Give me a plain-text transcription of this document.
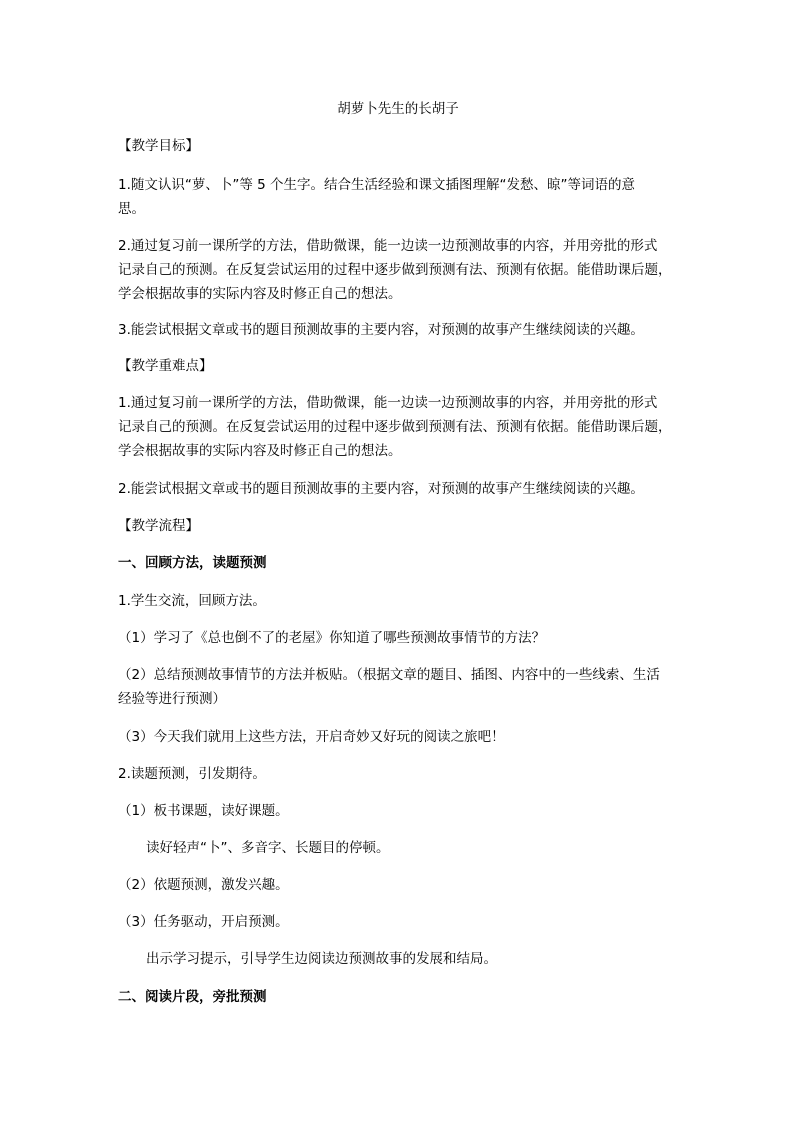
胡萝卜先生的长胡子

【教学目标】

1.随文认识“萝、卜”等 5 个生字。结合生活经验和课文插图理解“发愁、晾”等词语的意
思。

2.通过复习前一课所学的方法，借助微课，能一边读一边预测故事的内容，并用旁批的形式
记录自己的预测。在反复尝试运用的过程中逐步做到预测有法、预测有依据。能借助课后题，
学会根据故事的实际内容及时修正自己的想法。

3.能尝试根据文章或书的题目预测故事的主要内容，对预测的故事产生继续阅读的兴趣。

【教学重难点】

1.通过复习前一课所学的方法，借助微课，能一边读一边预测故事的内容，并用旁批的形式
记录自己的预测。在反复尝试运用的过程中逐步做到预测有法、预测有依据。能借助课后题，
学会根据故事的实际内容及时修正自己的想法。

2.能尝试根据文章或书的题目预测故事的主要内容，对预测的故事产生继续阅读的兴趣。

【教学流程】

一、回顾方法，读题预测

1.学生交流，回顾方法。

（1）学习了《总也倒不了的老屋》你知道了哪些预测故事情节的方法？

（2）总结预测故事情节的方法并板贴。（根据文章的题目、插图、内容中的一些线索、生活
经验等进行预测）

（3）今天我们就用上这些方法，开启奇妙又好玩的阅读之旅吧！

2.读题预测，引发期待。

（1）板书课题，读好课题。

读好轻声“卜”、多音字、长题目的停顿。

（2）依题预测，激发兴趣。

（3）任务驱动，开启预测。

出示学习提示，引导学生边阅读边预测故事的发展和结局。

二、阅读片段，旁批预测
